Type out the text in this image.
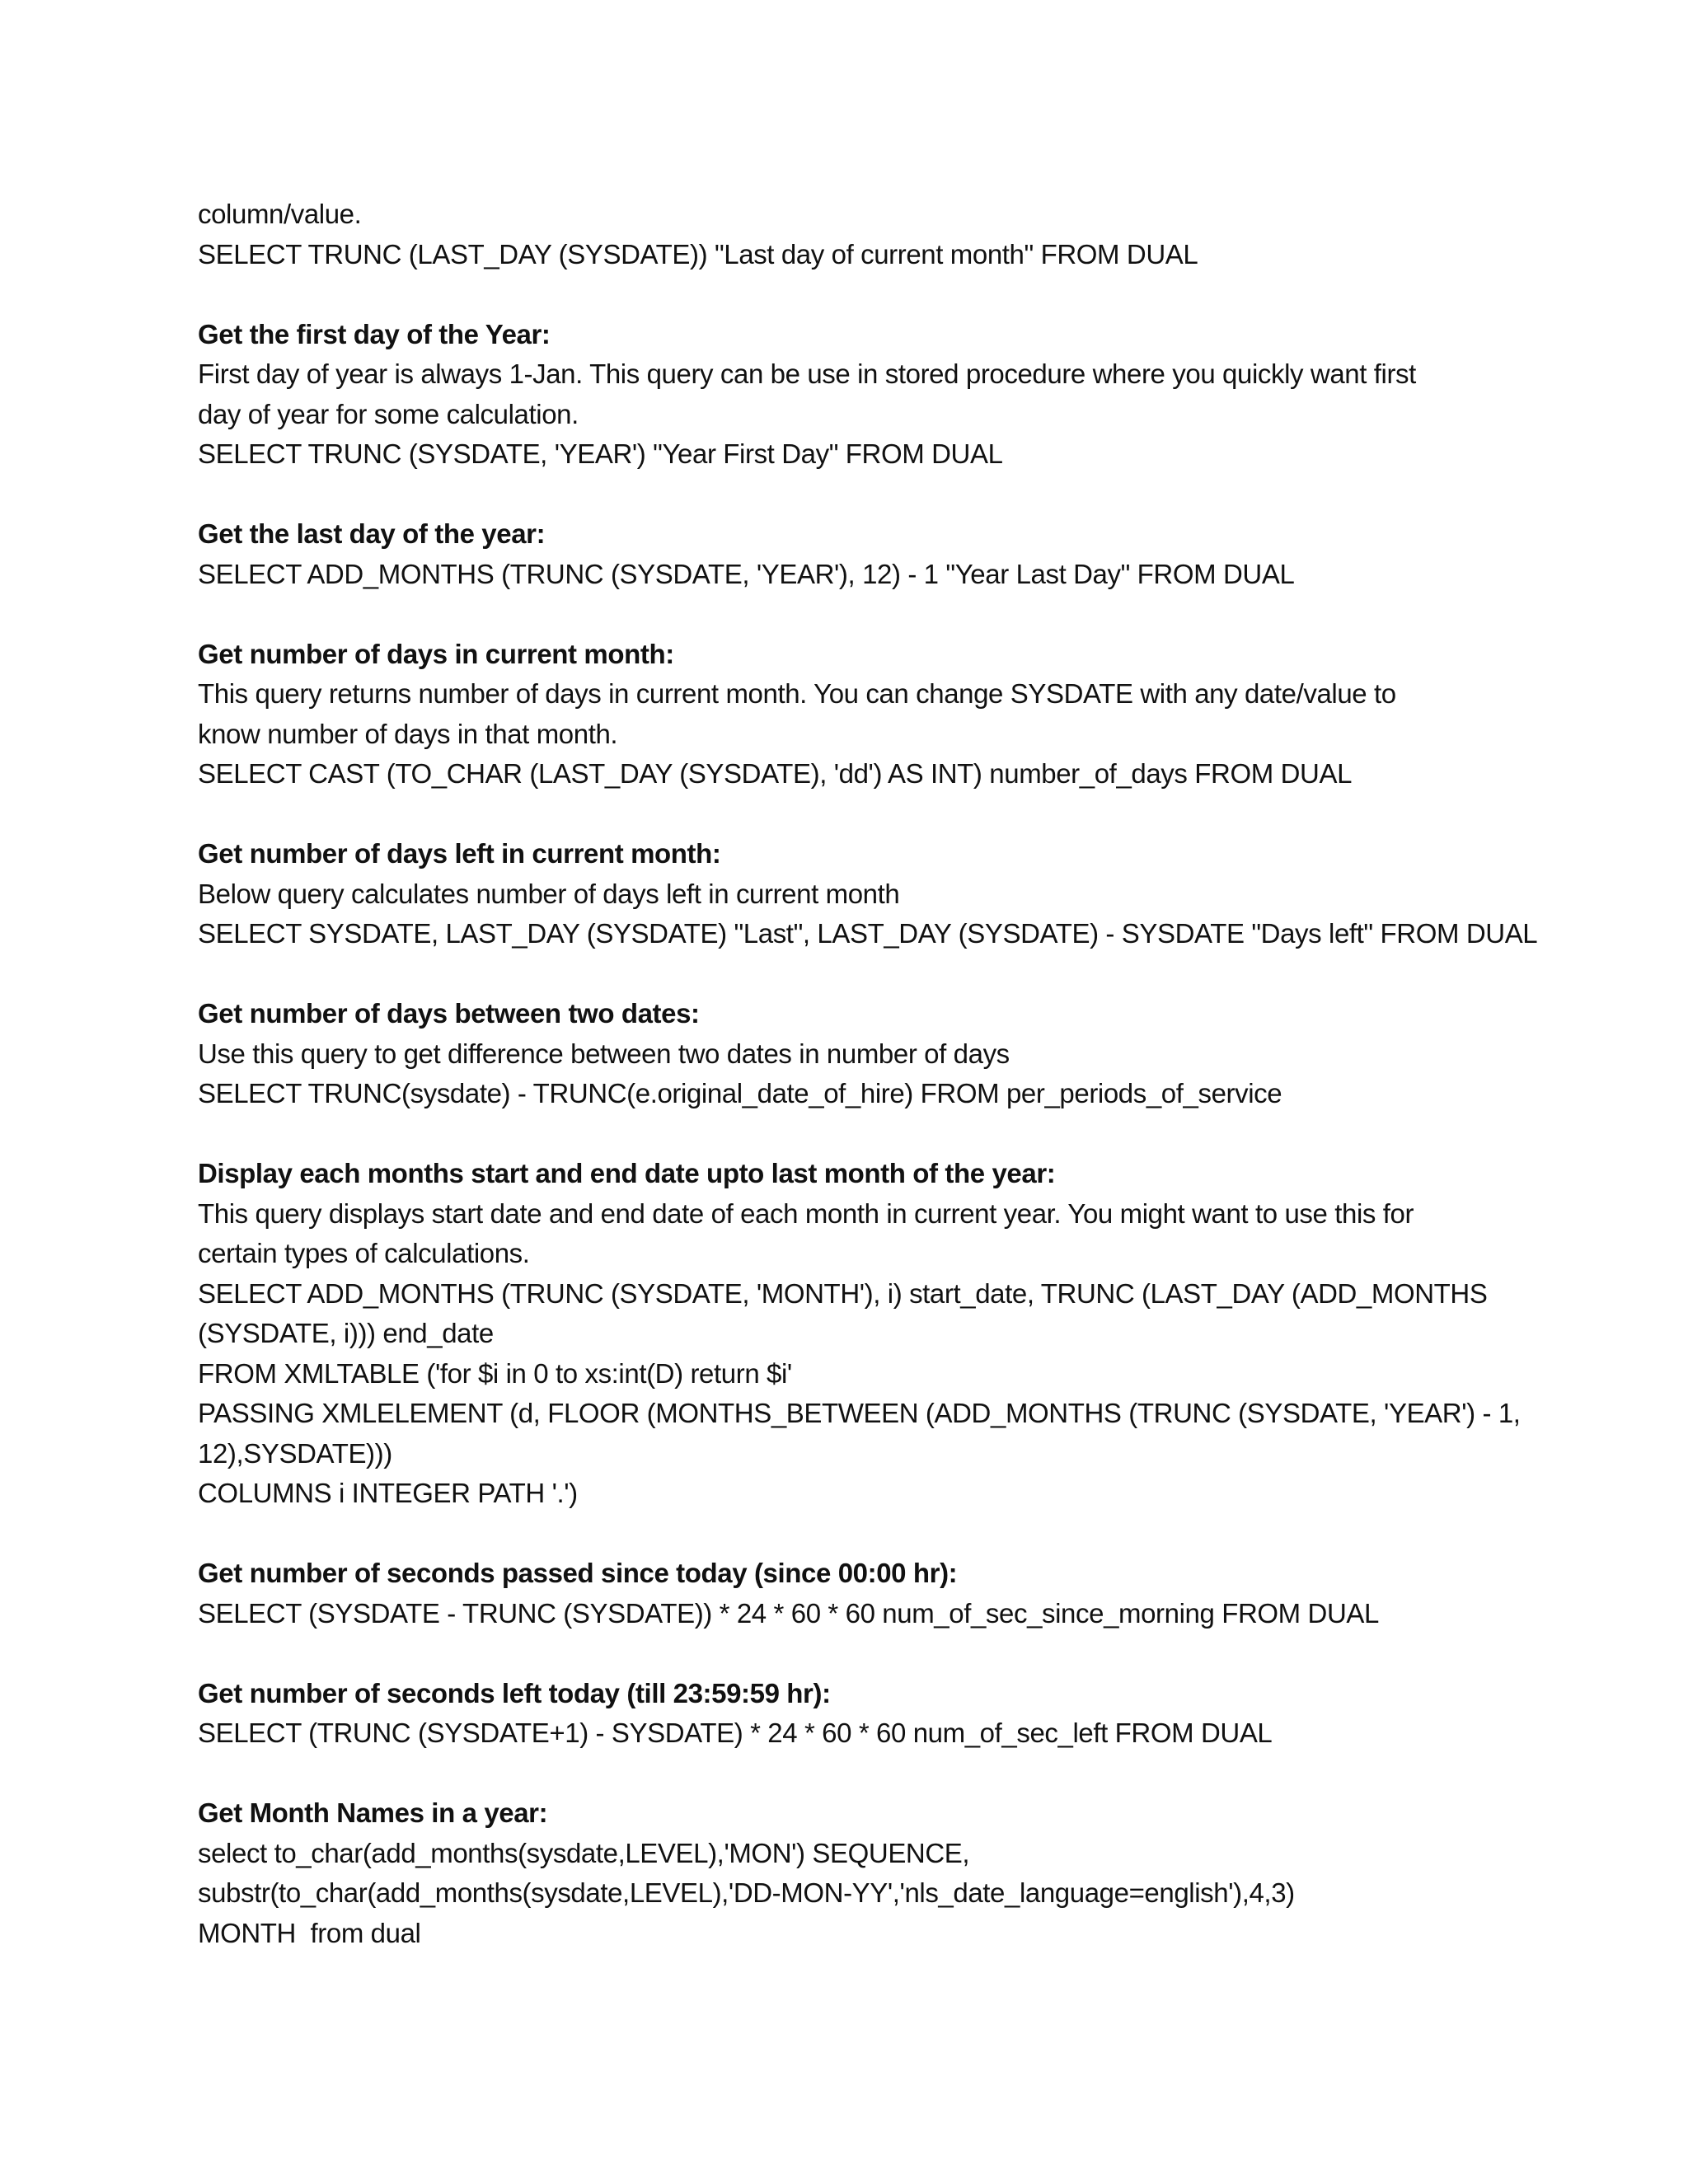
column/value.
SELECT TRUNC (LAST_DAY (SYSDATE)) "Last day of current month" FROM DUAL
Get the first day of the Year:
First day of year is always 1-Jan. This query can be use in stored procedure where you quickly want first
day of year for some calculation.
SELECT TRUNC (SYSDATE, 'YEAR') "Year First Day" FROM DUAL
Get the last day of the year:
SELECT ADD_MONTHS (TRUNC (SYSDATE, 'YEAR'), 12) - 1 "Year Last Day" FROM DUAL
Get number of days in current month:
This query returns number of days in current month. You can change SYSDATE with any date/value to
know number of days in that month.
SELECT CAST (TO_CHAR (LAST_DAY (SYSDATE), 'dd') AS INT) number_of_days FROM DUAL
Get number of days left in current month:
Below query calculates number of days left in current month
SELECT SYSDATE, LAST_DAY (SYSDATE) "Last", LAST_DAY (SYSDATE) - SYSDATE "Days left" FROM DUAL
Get number of days between two dates:
Use this query to get difference between two dates in number of days
SELECT TRUNC(sysdate) - TRUNC(e.original_date_of_hire) FROM per_periods_of_service
Display each months start and end date upto last month of the year:
This query displays start date and end date of each month in current year. You might want to use this for
certain types of calculations.
SELECT ADD_MONTHS (TRUNC (SYSDATE, 'MONTH'), i) start_date, TRUNC (LAST_DAY (ADD_MONTHS
(SYSDATE, i))) end_date
FROM XMLTABLE ('for $i in 0 to xs:int(D) return $i'
PASSING XMLELEMENT (d, FLOOR (MONTHS_BETWEEN (ADD_MONTHS (TRUNC (SYSDATE, 'YEAR') - 1,
12),SYSDATE)))
COLUMNS i INTEGER PATH '.')
Get number of seconds passed since today (since 00:00 hr):
SELECT (SYSDATE - TRUNC (SYSDATE)) * 24 * 60 * 60 num_of_sec_since_morning FROM DUAL
Get number of seconds left today (till 23:59:59 hr):
SELECT (TRUNC (SYSDATE+1) - SYSDATE) * 24 * 60 * 60 num_of_sec_left FROM DUAL
Get Month Names in a year:
select to_char(add_months(sysdate,LEVEL),'MON') SEQUENCE,
substr(to_char(add_months(sysdate,LEVEL),'DD-MON-YY','nls_date_language=english'),4,3)
MONTH  from dual
